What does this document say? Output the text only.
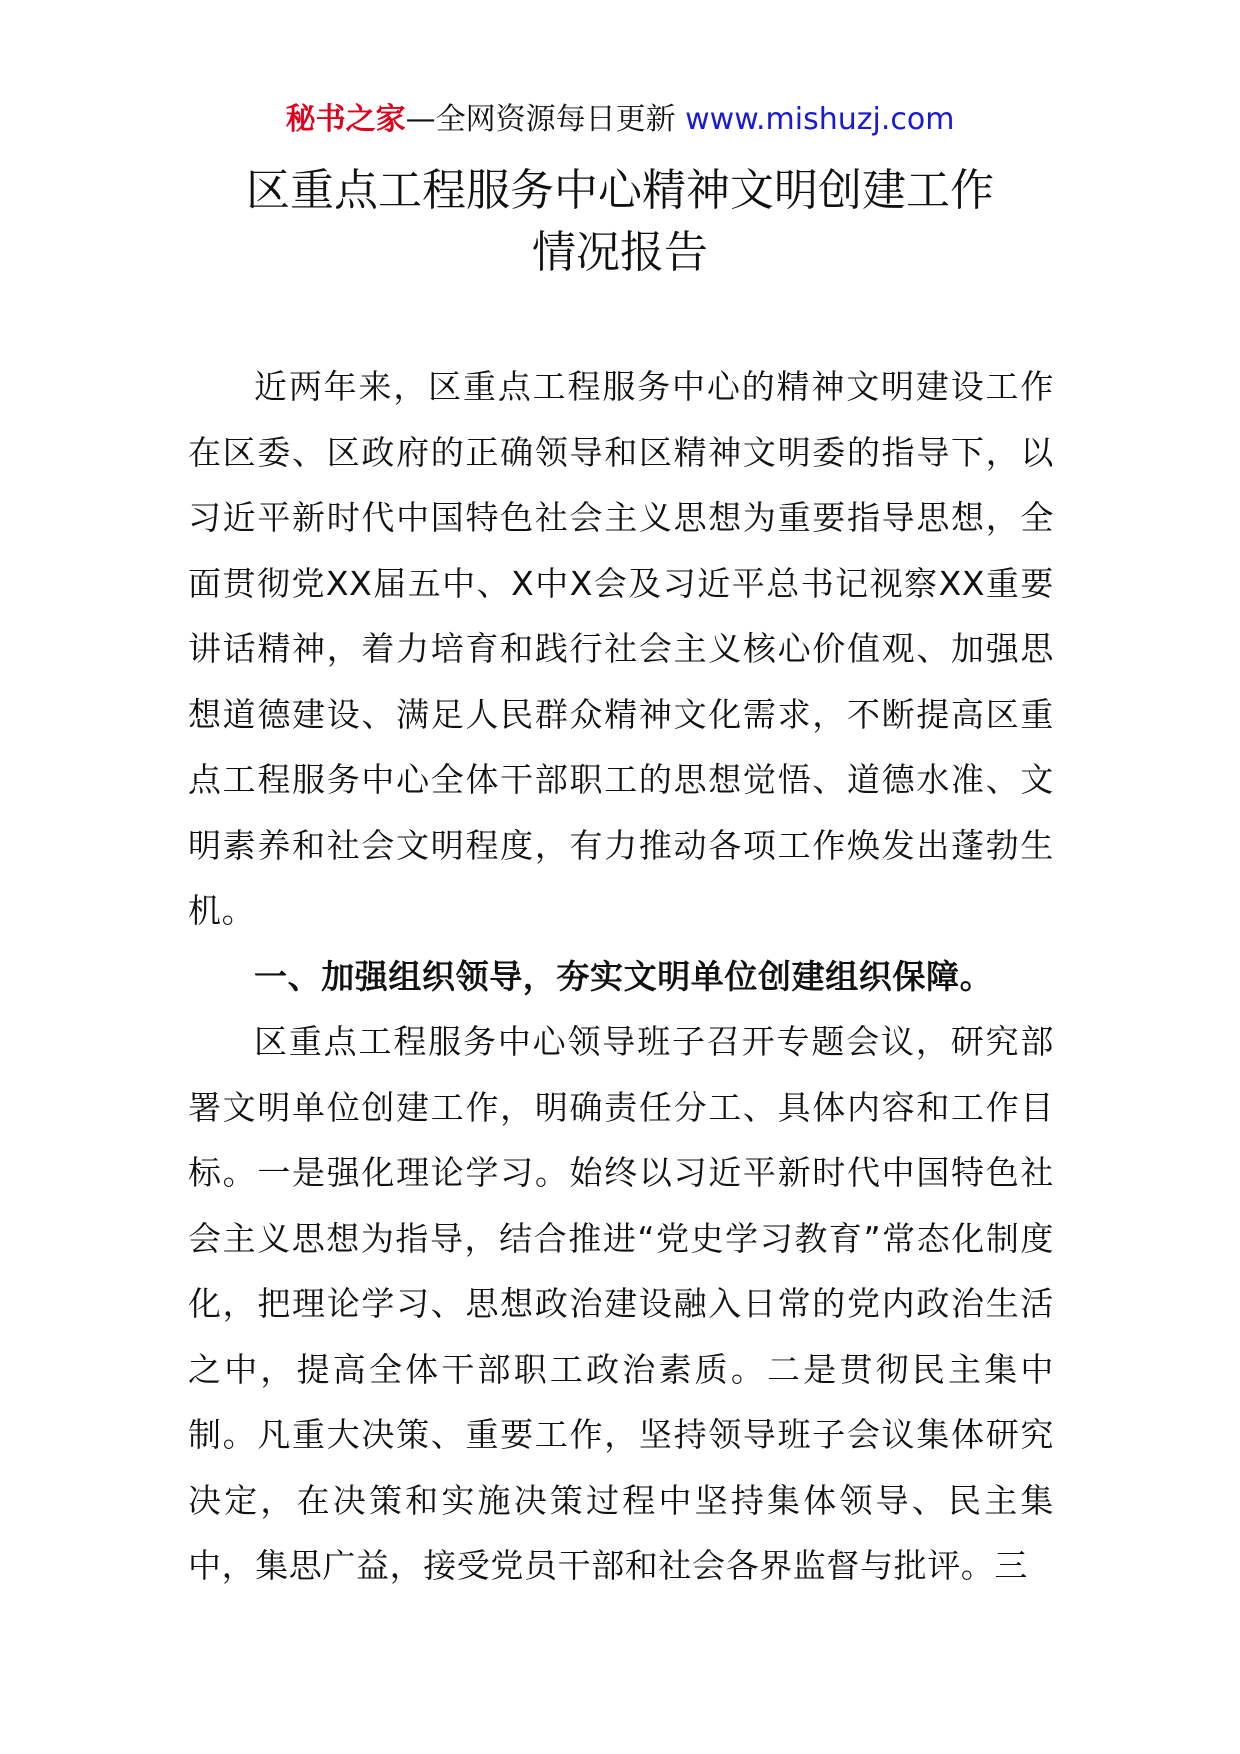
秘书之家—全网资源每日更新 www.mishuzj.com
区重点工程服务中心精神文明创建工作
情况报告

近两年来，区重点工程服务中心的精神文明建设工作在区委、区政府的正确领导和区精神文明委的指导下，以习近平新时代中国特色社会主义思想为重要指导思想，全面贯彻党XX届五中、X中X会及习近平总书记视察XX重要讲话精神，着力培育和践行社会主义核心价值观、加强思想道德建设、满足人民群众精神文化需求，不断提高区重点工程服务中心全体干部职工的思想觉悟、道德水准、文明素养和社会文明程度，有力推动各项工作焕发出蓬勃生机。

一、加强组织领导，夯实文明单位创建组织保障。

区重点工程服务中心领导班子召开专题会议，研究部署文明单位创建工作，明确责任分工、具体内容和工作目标。一是强化理论学习。始终以习近平新时代中国特色社会主义思想为指导，结合推进“党史学习教育”常态化制度化，把理论学习、思想政治建设融入日常的党内政治生活之中，提高全体干部职工政治素质。二是贯彻民主集中制。凡重大决策、重要工作，坚持领导班子会议集体研究决定，在决策和实施决策过程中坚持集体领导、民主集中，集思广益，接受党员干部和社会各界监督与批评。三
